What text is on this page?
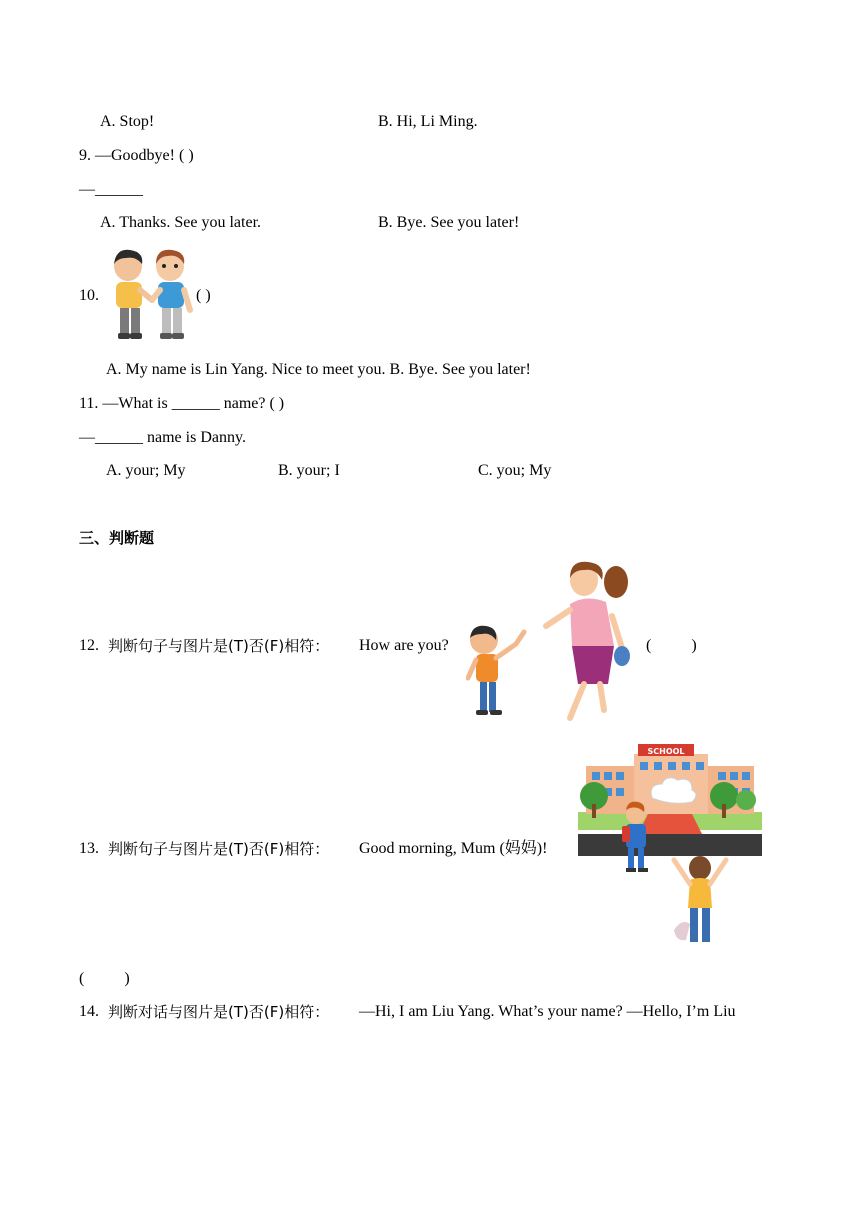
A. Stop!	B. Hi, Li Ming.
9. —Goodbye! ( )
—______
A. Thanks. See you later.	B. Bye. See you later!
10.	( )
A. My name is Lin Yang. Nice to meet you. B. Bye. See you later!
11. —What is ______ name? ( )
—______ name is Danny.
A. your; My	B. your; I	C. you; My
三、判断题
12. 判断句子与图片是(T)否(F)相符： How are you?	(          )
13. 判断句子与图片是(T)否(F)相符： Good morning, Mum (妈妈)!
SCHOOL
(          )
14. 判断对话与图片是(T)否(F)相符： —Hi, I am Liu Yang. What’s your name? —Hello, I’m Liu
